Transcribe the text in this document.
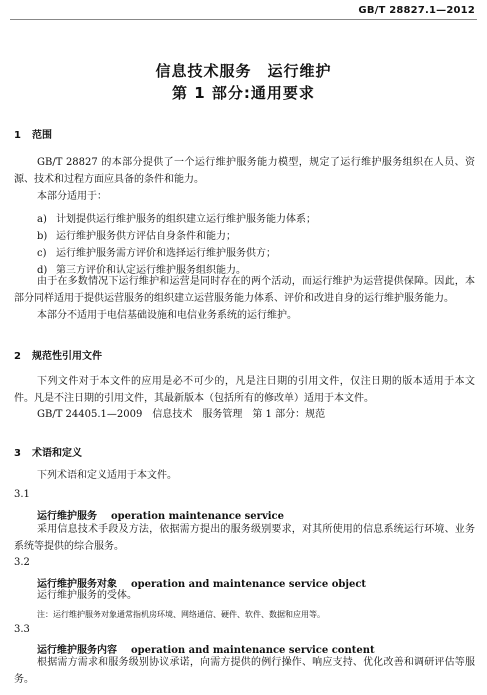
GB/T 28827.1—2012
信息技术服务　运行维护
第 1 部分:通用要求
1 范围

GB/T 28827 的本部分提供了一个运行维护服务能力模型，规定了运行维护服务组织在人员、资源、技术和过程方面应具备的条件和能力。

本部分适用于：
a) 计划提供运行维护服务的组织建立运行维护服务能力体系；
b) 运行维护服务供方评估自身条件和能力；
c) 运行维护服务需方评价和选择运行维护服务供方；
d) 第三方评价和认定运行维护服务组织能力。

由于在多数情况下运行维护和运营是同时存在的两个活动，而运行维护为运营提供保障。因此，本部分同样适用于提供运营服务的组织建立运营服务能力体系、评价和改进自身的运行维护服务能力。

本部分不适用于电信基础设施和电信业务系统的运行维护。
2 规范性引用文件

下列文件对于本文件的应用是必不可少的，凡是注日期的引用文件，仅注日期的版本适用于本文件。凡是不注日期的引用文件，其最新版本（包括所有的修改单）适用于本文件。

GB/T 24405.1—2009　信息技术　服务管理　第 1 部分：规范
3 术语和定义
下列术语和定义适用于本文件。
3.1
运行维护服务 operation maintenance service

采用信息技术手段及方法，依据需方提出的服务级别要求，对其所使用的信息系统运行环境、业务系统等提供的综合服务。

3.2
运行维护服务对象 operation and maintenance service object
运行维护服务的受体。
注：运行维护服务对象通常指机房环境、网络通信、硬件、软件、数据和应用等。
3.3
运行维护服务内容 operation and maintenance service content

根据需方需求和服务级别协议承诺，向需方提供的例行操作、响应支持、优化改善和调研评估等服务。
